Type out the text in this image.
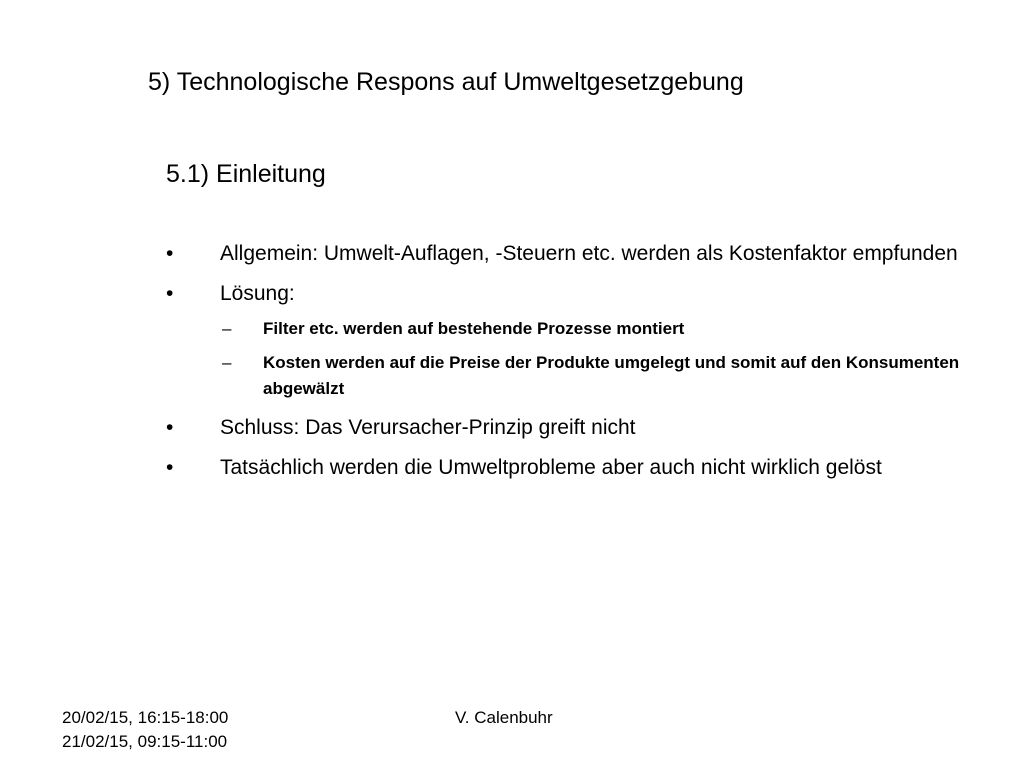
5) Technologische Respons auf Umweltgesetzgebung
5.1) Einleitung
•	Allgemein: Umwelt-Auflagen, -Steuern etc. werden als Kostenfaktor empfunden
•	Lösung:
– Filter etc. werden auf bestehende Prozesse montiert
– Kosten werden auf die Preise der Produkte umgelegt und somit auf den Konsumenten abgewälzt
•	Schluss: Das Verursacher-Prinzip greift nicht
•	Tatsächlich werden die Umweltprobleme aber auch nicht wirklich gelöst
20/02/15, 16:15-18:00
21/02/15, 09:15-11:00
V. Calenbuhr
